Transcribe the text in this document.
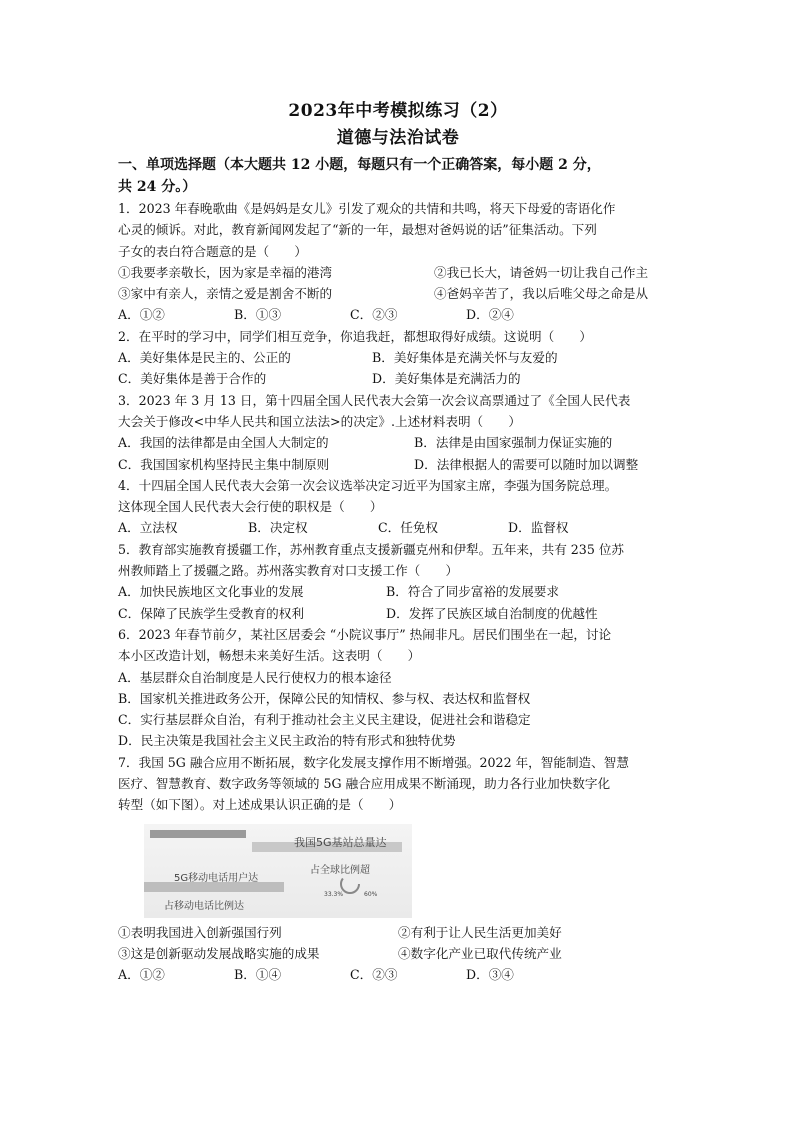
2023年中考模拟练习（2）
道德与法治试卷
一、单项选择题（本大题共 12 小题，每题只有一个正确答案，每小题 2 分，
共 24 分。）
1．2023 年春晚歌曲《是妈妈是女儿》引发了观众的共情和共鸣，将天下母爱的寄语化作
心灵的倾诉。对此，教育新闻网发起了“新的一年，最想对爸妈说的话”征集活动。下列
子女的表白符合题意的是（　　）
①我要孝亲敬长，因为家是幸福的港湾	②我已长大，请爸妈一切让我自己作主
③家中有亲人，亲情之爱是割舍不断的	④爸妈辛苦了，我以后唯父母之命是从
A．①②	B．①③	C．②③	D．②④
2．在平时的学习中，同学们相互竞争，你追我赶，都想取得好成绩。这说明（　　）
A．美好集体是民主的、公正的	B．美好集体是充满关怀与友爱的
C．美好集体是善于合作的	D．美好集体是充满活力的
3．2023 年 3 月 13 日，第十四届全国人民代表大会第一次会议高票通过了《全国人民代表
大会关于修改<中华人民共和国立法法>的决定》.上述材料表明（　　）
A．我国的法律都是由全国人大制定的	B．法律是由国家强制力保证实施的
C．我国国家机构坚持民主集中制原则	D．法律根据人的需要可以随时加以调整
4．十四届全国人民代表大会第一次会议选举决定习近平为国家主席，李强为国务院总理。
这体现全国人民代表大会行使的职权是（　　）
A．立法权	B．决定权	C．任免权	D．监督权
5．教育部实施教育援疆工作，苏州教育重点支援新疆克州和伊犁。五年来，共有 235 位苏
州教师踏上了援疆之路。苏州落实教育对口支援工作（　　）
A．加快民族地区文化事业的发展	B．符合了同步富裕的发展要求
C．保障了民族学生受教育的权利	D．发挥了民族区域自治制度的优越性
6．2023 年春节前夕，某社区居委会 “小院议事厅” 热闹非凡。居民们围坐在一起，讨论
本小区改造计划，畅想未来美好生活。这表明（　　）
A．基层群众自治制度是人民行使权力的根本途径
B．国家机关推进政务公开，保障公民的知情权、参与权、表达权和监督权
C．实行基层群众自治，有利于推动社会主义民主建设，促进社会和谐稳定
D．民主决策是我国社会主义民主政治的特有形式和独特优势
7．我国 5G 融合应用不断拓展，数字化发展支撑作用不断增强。2022 年，智能制造、智慧
医疗、智慧教育、数字政务等领域的 5G 融合应用成果不断涌现，助力各行业加快数字化
转型（如下图）。对上述成果认识正确的是（　　）
我国5G基站总量达
占全球比例超
5G移动电话用户达
占移动电话比例达
33.3%	60%
①表明我国进入创新强国行列	②有利于让人民生活更加美好
③这是创新驱动发展战略实施的成果	④数字化产业已取代传统产业
A．①②	B．①④	C．②③	D．③④
